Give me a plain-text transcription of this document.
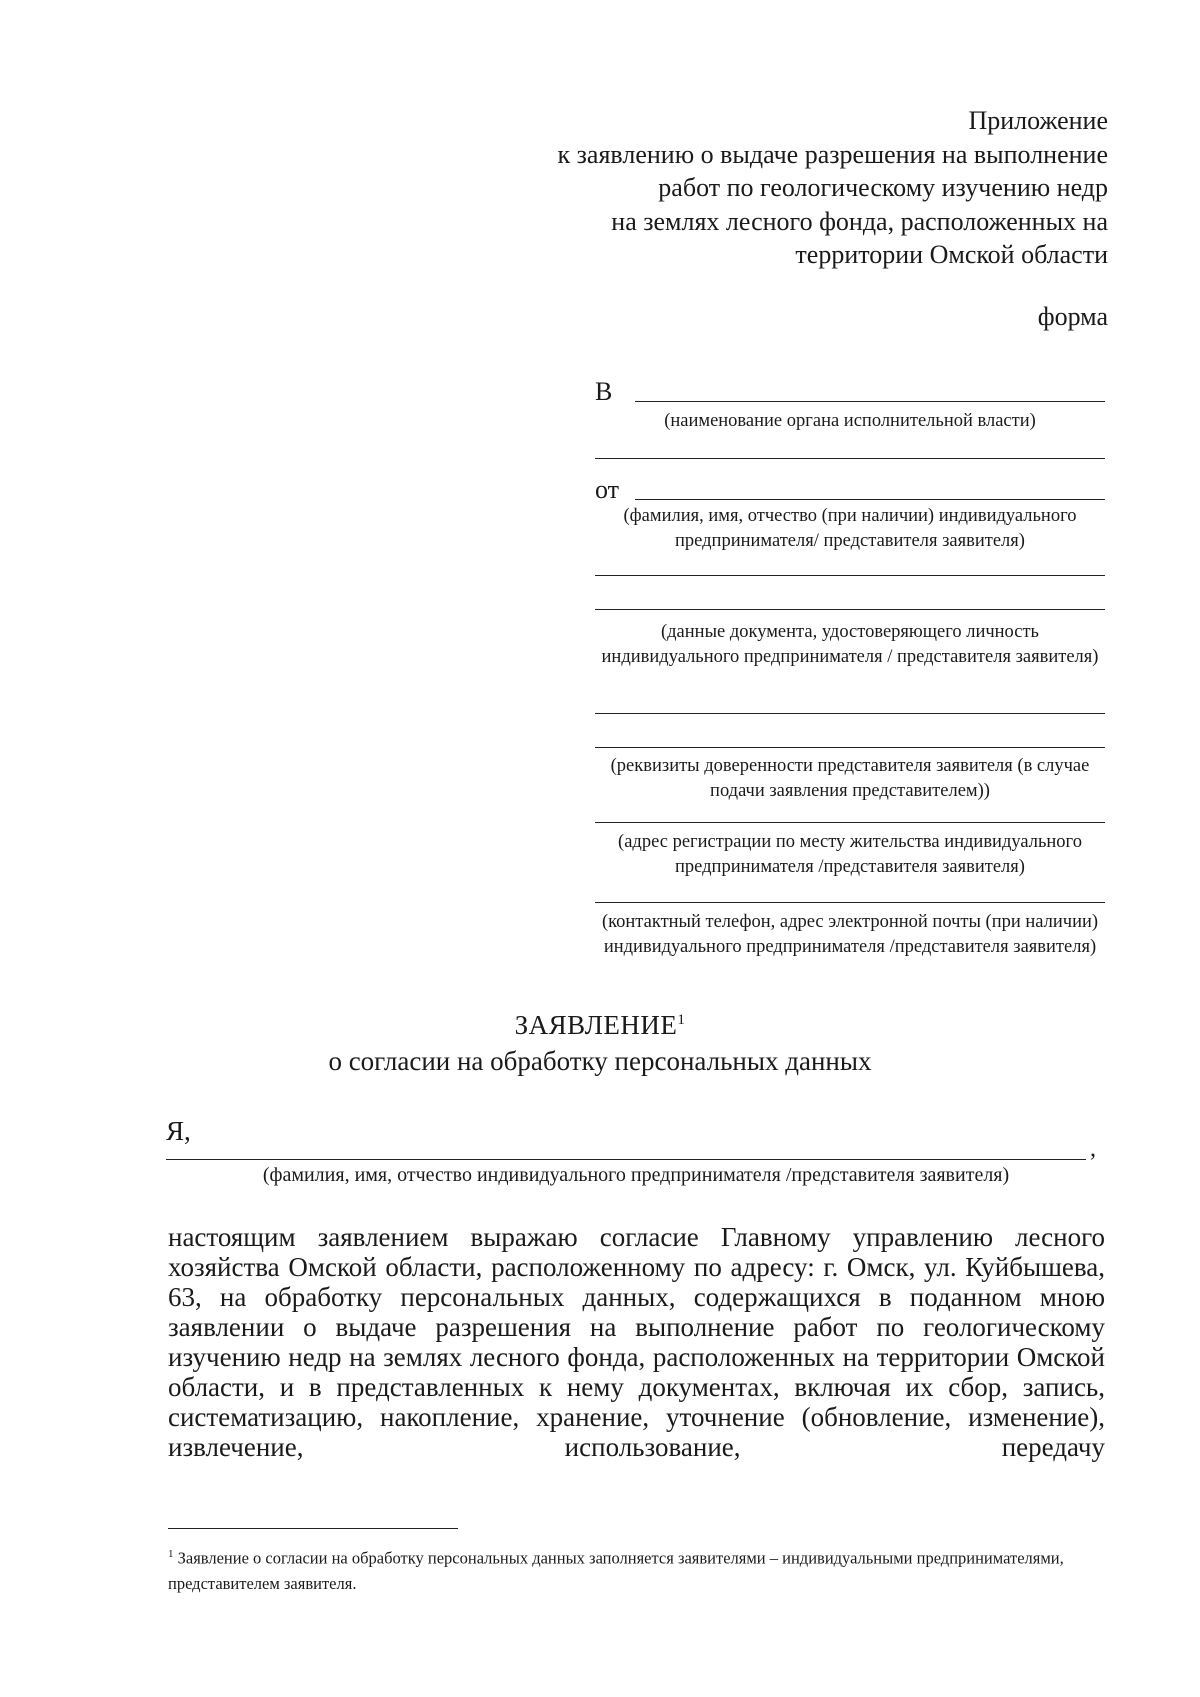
Приложение
к заявлению о выдаче разрешения на выполнение
работ по геологическому изучению недр
на землях лесного фонда, расположенных на
территории Омской области
форма
В
(наименование органа исполнительной власти)
от
(фамилия, имя, отчество (при наличии) индивидуального предпринимателя/ представителя заявителя)
(данные документа, удостоверяющего личность индивидуального предпринимателя / представителя заявителя)
(реквизиты доверенности представителя заявителя (в случае подачи заявления представителем))
(адрес регистрации по месту жительства индивидуального предпринимателя /представителя заявителя)
(контактный телефон, адрес электронной почты (при наличии) индивидуального предпринимателя /представителя заявителя)
ЗАЯВЛЕНИЕ$^1$
о согласии на обработку персональных данных
Я,
,
(фамилия, имя, отчество индивидуального предпринимателя /представителя заявителя)

настоящим заявлением выражаю согласие Главному управлению лесного хозяйства Омской области, расположенному по адресу: г. Омск, ул. Куйбышева, 63, на обработку персональных данных, содержащихся в поданном мною заявлении о выдаче разрешения на выполнение работ по геологическому изучению недр на землях лесного фонда, расположенных на территории Омской области, и в представленных к нему документах, включая их сбор, запись, систематизацию, накопление, хранение, уточнение (обновление, изменение), извлечение, использование, передачу

$^1$ Заявление о согласии на обработку персональных данных заполняется заявителями – индивидуальными предпринимателями, представителем заявителя.
